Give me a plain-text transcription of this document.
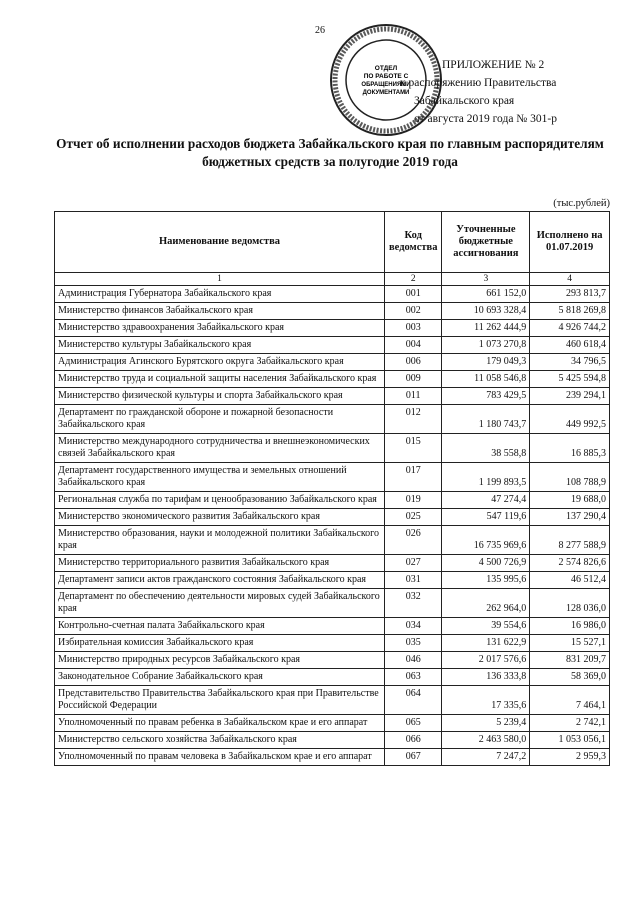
26
ОТДЕЛ
ПО РАБОТЕ С
ОБРАЩЕНИЯМИ
ДОКУМЕНТАМИ
ПРИЛОЖЕНИЕ № 2
к распоряжению Правительства
Забайкальского края
от августа 2019 года № 301-р
Отчет об исполнении расходов бюджета Забайкальского края по главным распорядителям
бюджетных средств за полугодие 2019 года
(тыс.рублей)
Наименование ведомства	Код ведомства	Уточненные бюджетные ассигнования	Исполнено на 01.07.2019
1	2	3	4
Администрация Губернатора Забайкальского края	001	661 152,0	293 813,7
Министерство финансов Забайкальского края	002	10 693 328,4	5 818 269,8
Министерство здравоохранения Забайкальского края	003	11 262 444,9	4 926 744,2
Министерство культуры Забайкальского края	004	1 073 270,8	460 618,4
Администрация Агинского Бурятского округа Забайкальского края	006	179 049,3	34 796,5
Министерство труда и социальной защиты населения Забайкальского края	009	11 058 546,8	5 425 594,8
Министерство физической культуры и спорта Забайкальского края	011	783 429,5	239 294,1
Департамент по гражданской обороне и пожарной безопасности Забайкальского края	012	1 180 743,7	449 992,5
Министерство международного сотрудничества и внешнеэкономических связей Забайкальского края	015	38 558,8	16 885,3
Департамент государственного имущества и земельных отношений Забайкальского края	017	1 199 893,5	108 788,9
Региональная служба по тарифам и ценообразованию Забайкальского края	019	47 274,4	19 688,0
Министерство экономического развития Забайкальского края	025	547 119,6	137 290,4
Министерство образования, науки и молодежной политики Забайкальского края	026	16 735 969,6	8 277 588,9
Министерство территориального развития Забайкальского края	027	4 500 726,9	2 574 826,6
Департамент записи актов гражданского состояния Забайкальского края	031	135 995,6	46 512,4
Департамент по обеспечению деятельности мировых судей Забайкальского края	032	262 964,0	128 036,0
Контрольно-счетная палата Забайкальского края	034	39 554,6	16 986,0
Избирательная комиссия Забайкальского края	035	131 622,9	15 527,1
Министерство природных ресурсов Забайкальского края	046	2 017 576,6	831 209,7
Законодательное Собрание Забайкальского края	063	136 333,8	58 369,0
Представительство Правительства Забайкальского края при Правительстве Российской Федерации	064	17 335,6	7 464,1
Уполномоченный по правам ребенка в Забайкальском крае и его аппарат	065	5 239,4	2 742,1
Министерство сельского хозяйства Забайкальского края	066	2 463 580,0	1 053 056,1
Уполномоченный по правам человека в Забайкальском крае и его аппарат	067	7 247,2	2 959,3
